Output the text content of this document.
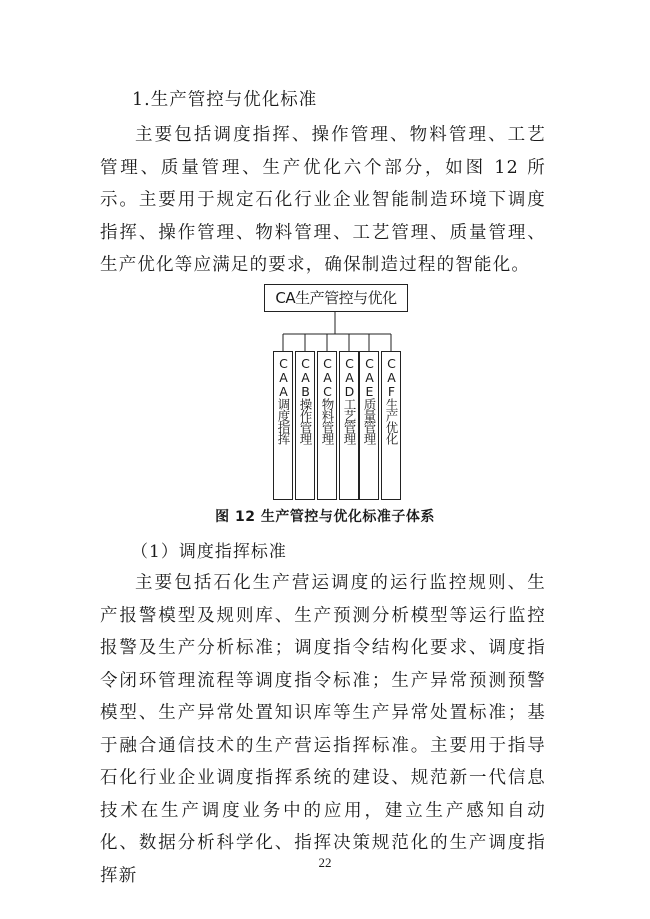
1.生产管控与优化标准

主要包括调度指挥、操作管理、物料管理、工艺管理、质量管理、生产优化六个部分，如图 12 所示。主要用于规定石化行业企业智能制造环境下调度指挥、操作管理、物料管理、工艺管理、质量管理、生产优化等应满足的要求，确保制造过程的智能化。

CA生产管控与优化
CAA调度指挥 CAB操作管理 CAC物料管理 CAD工艺管理 CAE质量管理 CAF生产优化
图 12 生产管控与优化标准子体系
（1）调度指挥标准

主要包括石化生产营运调度的运行监控规则、生产报警模型及规则库、生产预测分析模型等运行监控报警及生产分析标准；调度指令结构化要求、调度指令闭环管理流程等调度指令标准；生产异常预测预警模型、生产异常处置知识库等生产异常处置标准；基于融合通信技术的生产营运指挥标准。主要用于指导石化行业企业调度指挥系统的建设、规范新一代信息技术在生产调度业务中的应用，建立生产感知自动化、数据分析科学化、指挥决策规范化的生产调度指挥新

22
